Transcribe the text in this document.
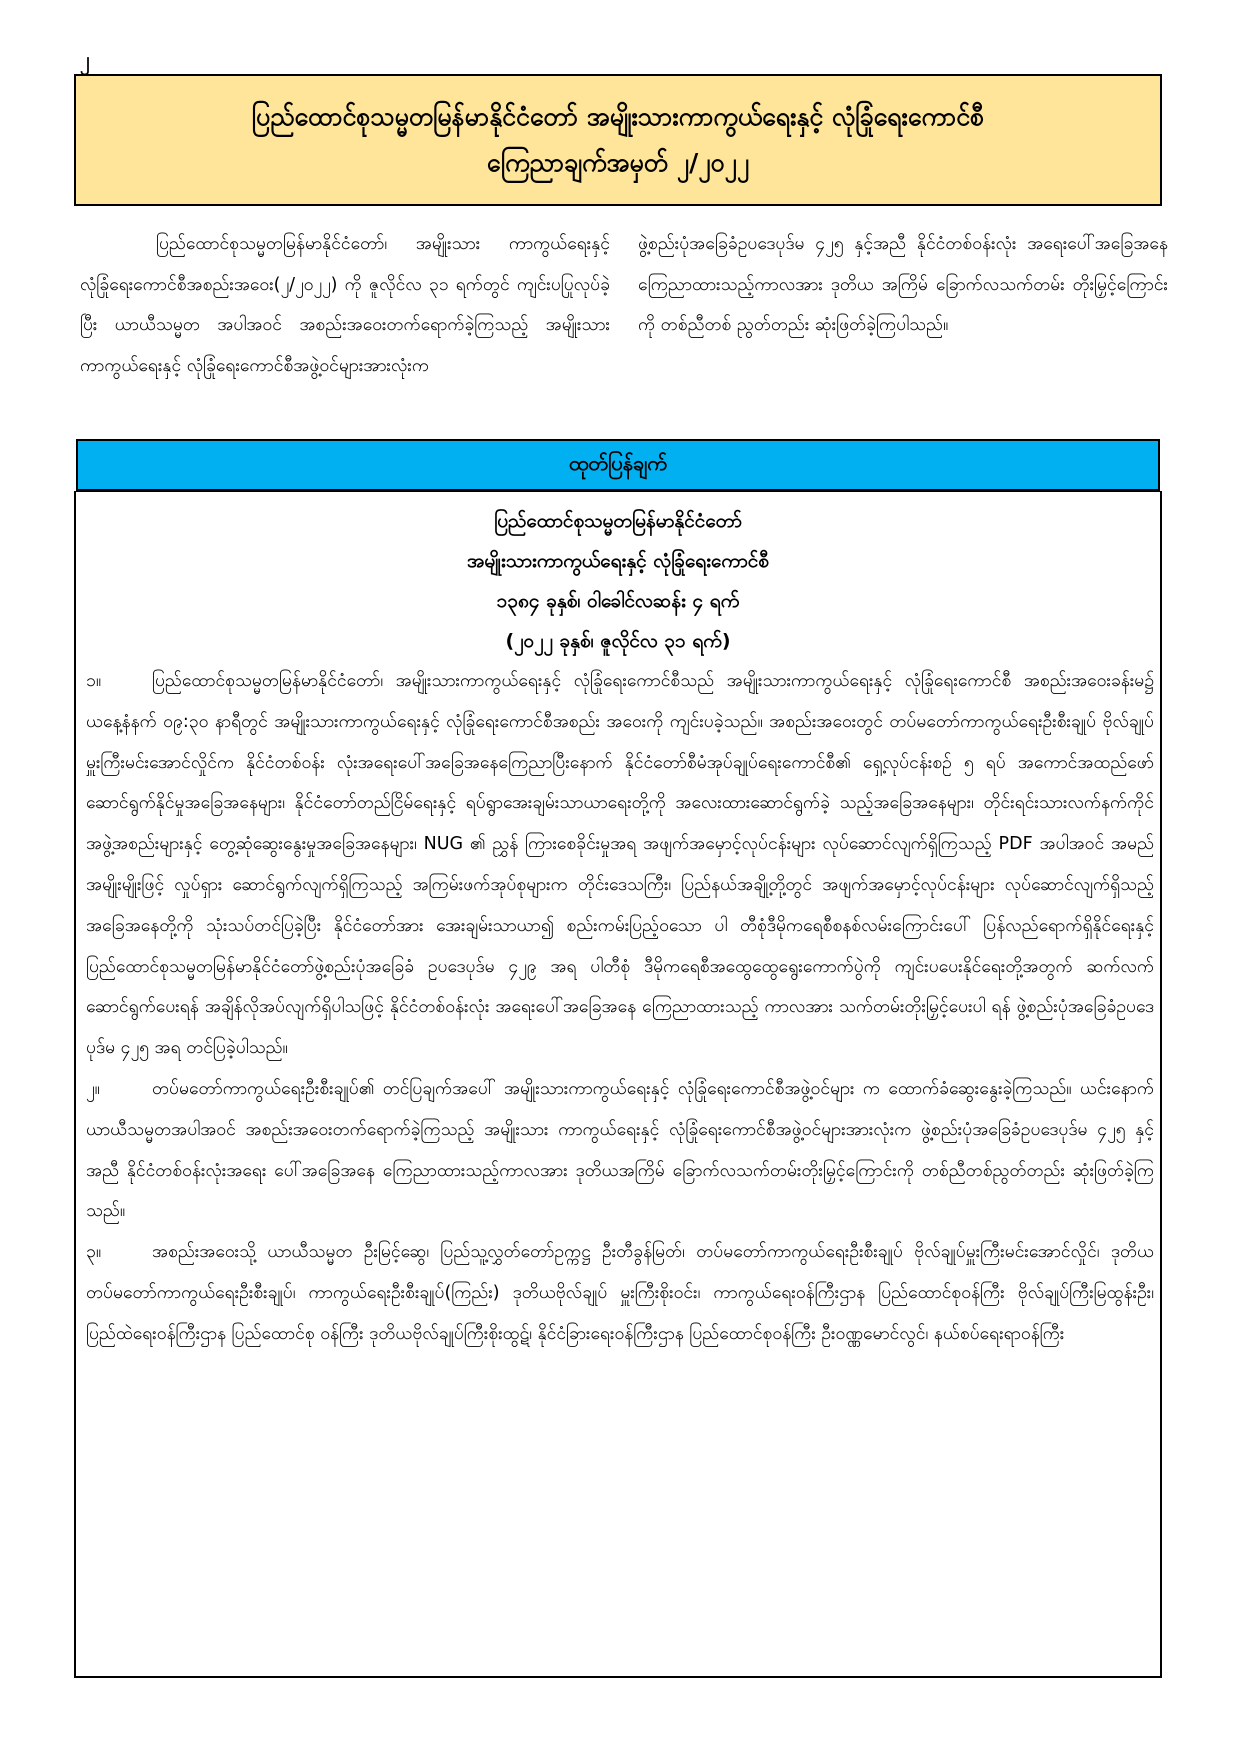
၂
ပြည်ထောင်စုသမ္မတမြန်မာနိုင်ငံတော် အမျိုးသားကာကွယ်ရေးနှင့် လုံခြုံရေးကောင်စီ
ကြေညာချက်အမှတ် ၂/၂၀၂၂

ပြည်ထောင်စုသမ္မတမြန်မာနိုင်ငံတော်၊ အမျိုးသား ကာကွယ်ရေးနှင့် လုံခြုံရေးကောင်စီအစည်းအဝေး(၂/၂၀၂၂) ကို ဇူလိုင်လ ၃၁ ရက်တွင် ကျင်းပပြုလုပ်ခဲ့ပြီး ယာယီသမ္မတ အပါအဝင် အစည်းအဝေးတက်ရောက်ခဲ့ကြသည့် အမျိုးသား ကာကွယ်ရေးနှင့် လုံခြုံရေးကောင်စီအဖွဲ့ဝင်များအားလုံးက

ဖွဲ့စည်းပုံအခြေခံဥပဒေပုဒ်မ ၄၂၅ နှင့်အညီ နိုင်ငံတစ်ဝန်းလုံး အရေးပေါ်အခြေအနေ ကြေညာထားသည့်ကာလအား ဒုတိယ အကြိမ် ခြောက်လသက်တမ်း တိုးမြှင့်ကြောင်းကို တစ်ညီတစ် ညွတ်တည်း ဆုံးဖြတ်ခဲ့ကြပါသည်။

ထုတ်ပြန်ချက်
ပြည်ထောင်စုသမ္မတမြန်မာနိုင်ငံတော်
အမျိုးသားကာကွယ်ရေးနှင့် လုံခြုံရေးကောင်စီ
၁၃၈၄ ခုနှစ်၊ ဝါခေါင်လဆန်း ၄ ရက်
(၂၀၂၂ ခုနှစ်၊ ဇူလိုင်လ ၃၁ ရက်)

၁။	ပြည်ထောင်စုသမ္မတမြန်မာနိုင်ငံတော်၊ အမျိုးသားကာကွယ်ရေးနှင့် လုံခြုံရေးကောင်စီသည် အမျိုးသားကာကွယ်ရေးနှင့် လုံခြုံရေးကောင်စီ အစည်းအဝေးခန်းမ၌ ယနေ့နံနက် ၀၉:၃၀ နာရီတွင် အမျိုးသားကာကွယ်ရေးနှင့် လုံခြုံရေးကောင်စီအစည်း အဝေးကို ကျင်းပခဲ့သည်။ အစည်းအဝေးတွင် တပ်မတော်ကာကွယ်ရေးဦးစီးချုပ် ဗိုလ်ချုပ်မှူးကြီးမင်းအောင်လှိုင်က နိုင်ငံတစ်ဝန်း လုံးအရေးပေါ်အခြေအနေကြေညာပြီးနောက် နိုင်ငံတော်စီမံအုပ်ချုပ်ရေးကောင်စီ၏ ရှေ့လုပ်ငန်းစဉ် ၅ ရပ် အကောင်အထည်ဖော် ဆောင်ရွက်နိုင်မှုအခြေအနေများ၊ နိုင်ငံတော်တည်ငြိမ်ရေးနှင့် ရပ်ရွာအေးချမ်းသာယာရေးတို့ကို အလေးထားဆောင်ရွက်ခဲ့ သည့်အခြေအနေများ၊ တိုင်းရင်းသားလက်နက်ကိုင်အဖွဲ့အစည်းများနှင့် တွေ့ဆုံဆွေးနွေးမှုအခြေအနေများ၊ NUG ၏ ညွှန် ကြားစေခိုင်းမှုအရ အဖျက်အမှောင့်လုပ်ငန်းများ လုပ်ဆောင်လျက်ရှိကြသည့် PDF အပါအဝင် အမည်အမျိုးမျိုးဖြင့် လှုပ်ရှား ဆောင်ရွက်လျက်ရှိကြသည့် အကြမ်းဖက်အုပ်စုများက တိုင်းဒေသကြီး၊ ပြည်နယ်အချို့တို့တွင် အဖျက်အမှောင့်လုပ်ငန်းများ လုပ်ဆောင်လျက်ရှိသည့် အခြေအနေတို့ကို သုံးသပ်တင်ပြခဲ့ပြီး နိုင်ငံတော်အား အေးချမ်းသာယာ၍ စည်းကမ်းပြည့်ဝသော ပါ တီစုံဒီမိုကရေစီစနစ်လမ်းကြောင်းပေါ် ပြန်လည်ရောက်ရှိနိုင်ရေးနှင့် ပြည်ထောင်စုသမ္မတမြန်မာနိုင်ငံတော်ဖွဲ့စည်းပုံအခြေခံ ဥပဒေပုဒ်မ ၄၂၉ အရ ပါတီစုံ ဒီမိုကရေစီအထွေထွေရွေးကောက်ပွဲကို ကျင်းပပေးနိုင်ရေးတို့အတွက် ဆက်လက်ဆောင်ရွက်ပေးရန် အချိန်လိုအပ်လျက်ရှိပါသဖြင့် နိုင်ငံတစ်ဝန်းလုံး အရေးပေါ်အခြေအနေ ကြေညာထားသည့် ကာလအား သက်တမ်းတိုးမြှင့်ပေးပါ ရန် ဖွဲ့စည်းပုံအခြေခံဥပဒေပုဒ်မ ၄၂၅ အရ တင်ပြခဲ့ပါသည်။

၂။	တပ်မတော်ကာကွယ်ရေးဦးစီးချုပ်၏ တင်ပြချက်အပေါ် အမျိုးသားကာကွယ်ရေးနှင့် လုံခြုံရေးကောင်စီအဖွဲ့ဝင်များ က ထောက်ခံဆွေးနွေးခဲ့ကြသည်။ ယင်းနောက် ယာယီသမ္မတအပါအဝင် အစည်းအဝေးတက်ရောက်ခဲ့ကြသည့် အမျိုးသား ကာကွယ်ရေးနှင့် လုံခြုံရေးကောင်စီအဖွဲ့ဝင်များအားလုံးက ဖွဲ့စည်းပုံအခြေခံဥပဒေပုဒ်မ ၄၂၅ နှင့်အညီ နိုင်ငံတစ်ဝန်းလုံးအရေး ပေါ်အခြေအနေ ကြေညာထားသည့်ကာလအား ဒုတိယအကြိမ် ခြောက်လသက်တမ်းတိုးမြှင့်ကြောင်းကို တစ်ညီတစ်ညွတ်တည်း ဆုံးဖြတ်ခဲ့ကြသည်။

၃။	အစည်းအဝေးသို့ ယာယီသမ္မတ ဦးမြင့်ဆွေ၊ ပြည်သူ့လွှတ်တော်ဥက္ကဋ္ဌ ဦးတီခွန်မြတ်၊ တပ်မတော်ကာကွယ်ရေးဦးစီးချုပ် ဗိုလ်ချုပ်မှူးကြီးမင်းအောင်လှိုင်၊ ဒုတိယတပ်မတော်ကာကွယ်ရေးဦးစီးချုပ်၊ ကာကွယ်ရေးဦးစီးချုပ်(ကြည်း) ဒုတိယဗိုလ်ချုပ် မှူးကြီးစိုးဝင်း၊ ကာကွယ်ရေးဝန်ကြီးဌာန ပြည်ထောင်စုဝန်ကြီး ဗိုလ်ချုပ်ကြီးမြထွန်းဦး၊ ပြည်ထဲရေးဝန်ကြီးဌာန ပြည်ထောင်စု ဝန်ကြီး ဒုတိယဗိုလ်ချုပ်ကြီးစိုးထွဋ်၊ နိုင်ငံခြားရေးဝန်ကြီးဌာန ပြည်ထောင်စုဝန်ကြီး ဦးဝဏ္ဏမောင်လွင်၊ နယ်စပ်ရေးရာဝန်ကြီး
